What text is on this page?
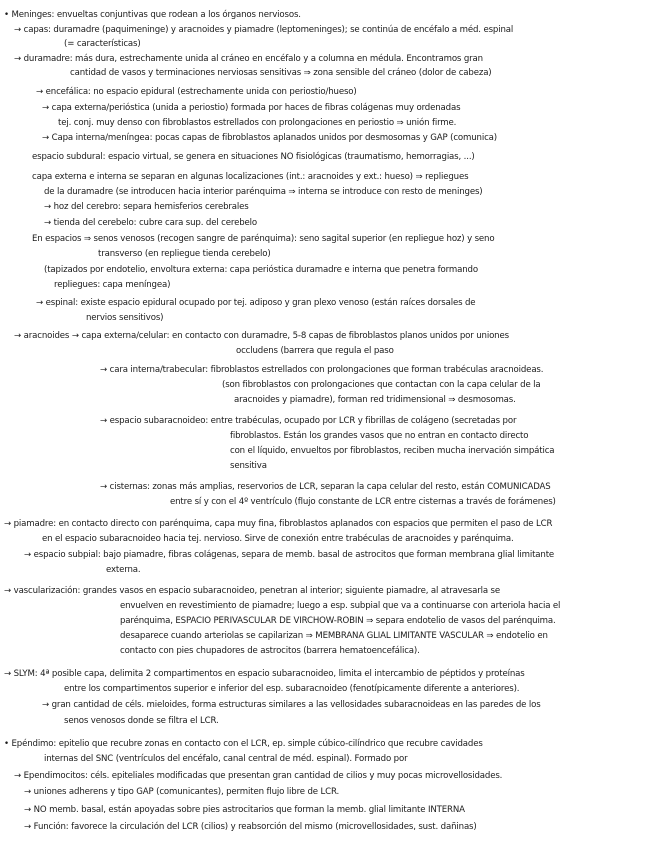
• Meninges: envueltas conjuntivas que rodean a los órganos nerviosos.
→ capas: duramadre (paquimeninge) y aracnoides y piamadre (leptomeninges); se continúa de encéfalo a méd. espinal
(= características)
→ duramadre: más dura, estrechamente unida al cráneo en encéfalo y a columna en médula. Encontramos gran
cantidad de vasos y terminaciones nerviosas sensitivas ⇒ zona sensible del cráneo (dolor de cabeza)
→ encefálica: no espacio epidural (estrechamente unida con periostio/hueso)
→ capa externa/perióstica (unida a periostio) formada por haces de fibras colágenas muy ordenadas
tej. conj. muy denso con fibroblastos estrellados con prolongaciones en periostio ⇒ unión firme.
→ Capa interna/meníngea: pocas capas de fibroblastos aplanados unidos por desmosomas y GAP (comunica)
espacio subdural: espacio virtual, se genera en situaciones NO fisiológicas (traumatismo, hemorragias, ...)
capa externa e interna se separan en algunas localizaciones (int.: aracnoides y ext.: hueso) ⇒ repliegues
de la duramadre (se introducen hacia interior parénquima ⇒ interna se introduce con resto de meninges)
→ hoz del cerebro: separa hemisferios cerebrales
→ tienda del cerebelo: cubre cara sup. del cerebelo
En espacios ⇒ senos venosos (recogen sangre de parénquima): seno sagital superior (en repliegue hoz) y seno
transverso (en repliegue tienda cerebelo)
(tapizados por endotelio, envoltura externa: capa perióstica duramadre e interna que penetra formando
repliegues: capa meníngea)
→ espinal: existe espacio epidural ocupado por tej. adiposo y gran plexo venoso (están raíces dorsales de
nervios sensitivos)
→ aracnoides → capa externa/celular: en contacto con duramadre, 5-8 capas de fibroblastos planos unidos por uniones
occludens (barrera que regula el paso
→ cara interna/trabecular: fibroblastos estrellados con prolongaciones que forman trabéculas aracnoideas.
(son fibroblastos con prolongaciones que contactan con la capa celular de la
aracnoides y piamadre), forman red tridimensional ⇒ desmosomas.
→ espacio subaracnoideo: entre trabéculas, ocupado por LCR y fibrillas de colágeno (secretadas por
fibroblastos. Están los grandes vasos que no entran en contacto directo
con el líquido, envueltos por fibroblastos, reciben mucha inervación simpática
sensitiva
→ cisternas: zonas más amplias, reservorios de LCR, separan la capa celular del resto, están COMUNICADAS
entre sí y con el 4º ventrículo (flujo constante de LCR entre cisternas a través de forámenes)
→ piamadre: en contacto directo con parénquima, capa muy fina, fibroblastos aplanados con espacios que permiten el paso de LCR
en el espacio subaracnoideo hacia tej. nervioso. Sirve de conexión entre trabéculas de aracnoides y parénquima.
→ espacio subpial: bajo piamadre, fibras colágenas, separa de memb. basal de astrocitos que forman membrana glial limitante
externa.
→ vascularización: grandes vasos en espacio subaracnoideo, penetran al interior; siguiente piamadre, al atravesarla se
envuelven en revestimiento de piamadre; luego a esp. subpial que va a continuarse con arteriola hacia el
parénquima, ESPACIO PERIVASCULAR DE VIRCHOW-ROBIN ⇒ separa endotelio de vasos del parénquima.
desaparece cuando arteriolas se capilarizan ⇒ MEMBRANA GLIAL LIMITANTE VASCULAR ⇒ endotelio en
contacto con pies chupadores de astrocitos (barrera hematoencefálica).
→ SLYM: 4ª posible capa, delimita 2 compartimentos en espacio subaracnoideo, limita el intercambio de péptidos y proteínas
entre los compartimentos superior e inferior del esp. subaracnoideo (fenotípicamente diferente a anteriores).
→ gran cantidad de céls. mieloides, forma estructuras similares a las vellosidades subaracnoideas en las paredes de los
senos venosos donde se filtra el LCR.
• Epéndimo: epitelio que recubre zonas en contacto con el LCR, ep. simple cúbico-cilíndrico que recubre cavidades
internas del SNC (ventrículos del encéfalo, canal central de méd. espinal). Formado por
→ Ependimocitos: céls. epiteliales modificadas que presentan gran cantidad de cilios y muy pocas microvellosidades.
→ uniones adherens y tipo GAP (comunicantes), permiten flujo libre de LCR.
→ NO memb. basal, están apoyadas sobre pies astrocitarios que forman la memb. glial limitante INTERNA
→ Función: favorece la circulación del LCR (cilios) y reabsorción del mismo (microvellosidades, sust. dañinas)
